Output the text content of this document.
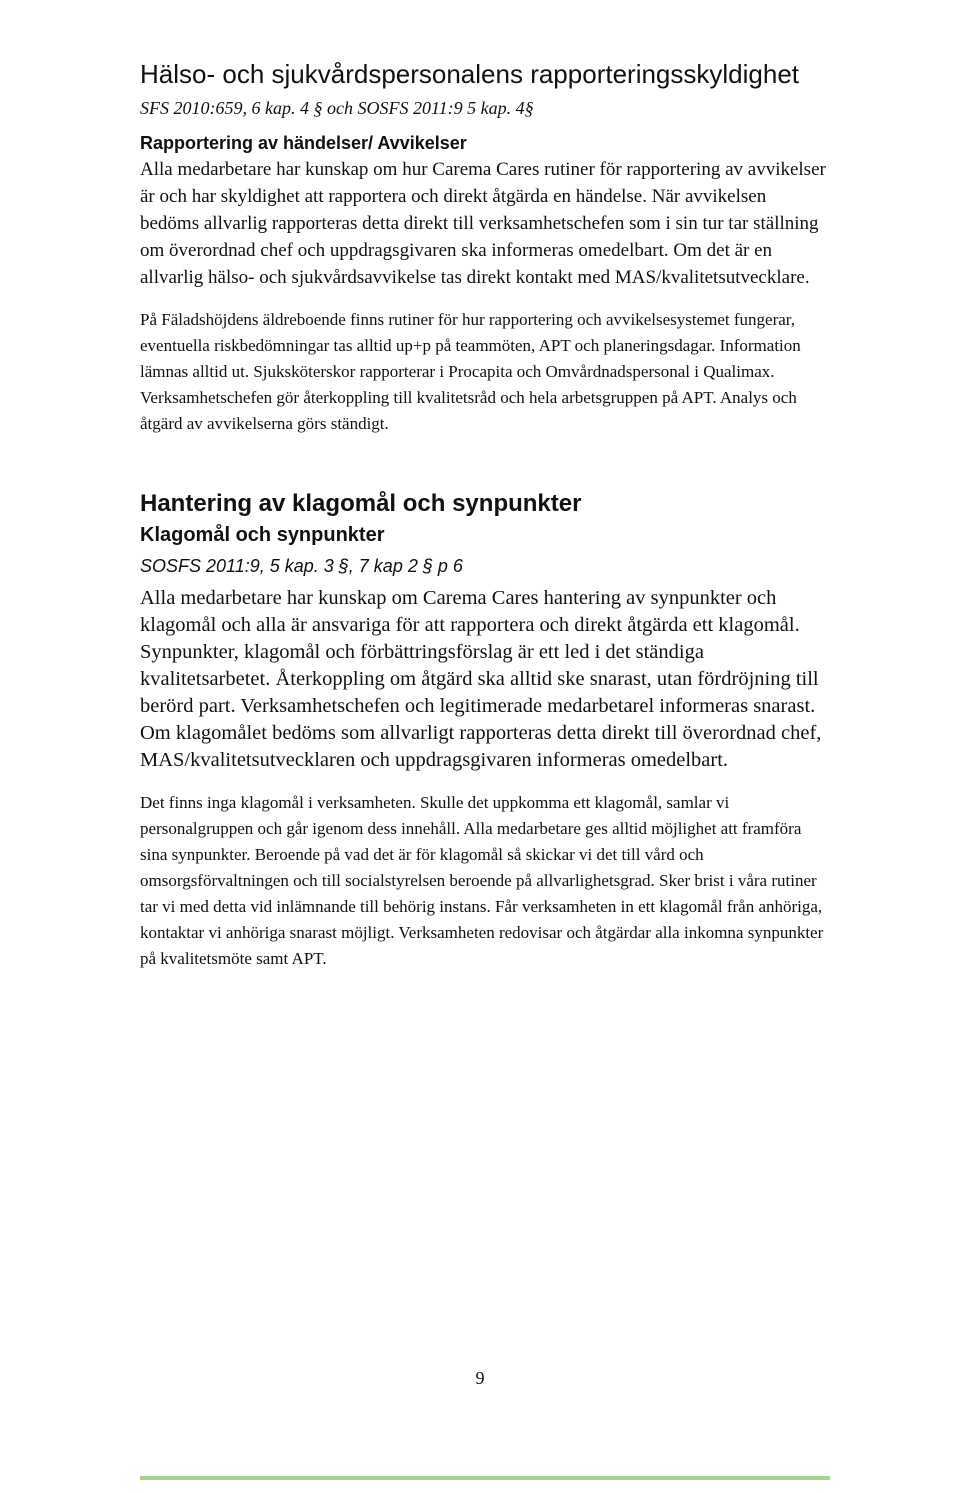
Hälso- och sjukvårdspersonalens rapporteringsskyldighet

SFS 2010:659, 6 kap. 4 § och SOSFS 2011:9 5 kap. 4§

Rapportering av händelser/ Avvikelser

Alla medarbetare har kunskap om hur Carema Cares rutiner för rapportering av avvikelser är och har skyldighet att rapportera och direkt åtgärda en händelse. När avvikelsen bedöms allvarlig rapporteras detta direkt till verksamhetschefen som i sin tur tar ställning om överordnad chef och uppdragsgivaren ska informeras omedelbart. Om det är en allvarlig hälso- och sjukvårdsavvikelse tas direkt kontakt med MAS/kvalitetsutvecklare.

På Fäladshöjdens äldreboende finns rutiner för hur rapportering och avvikelsesystemet fungerar, eventuella riskbedömningar tas alltid up+p på teammöten, APT och planeringsdagar. Information lämnas alltid ut. Sjuksköterskor rapporterar i Procapita och Omvårdnadspersonal i Qualimax. Verksamhetschefen gör återkoppling till kvalitetsråd och hela arbetsgruppen på APT. Analys och åtgärd av avvikelserna görs ständigt.

Hantering av klagomål och synpunkter
Klagomål och synpunkter

SOSFS 2011:9, 5 kap. 3 §, 7 kap 2 § p 6

Alla medarbetare har kunskap om Carema Cares hantering av synpunkter och klagomål och alla är ansvariga för att rapportera och direkt åtgärda ett klagomål. Synpunkter, klagomål och förbättringsförslag är ett led i det ständiga kvalitetsarbetet. Återkoppling om åtgärd ska alltid ske snarast, utan fördröjning till berörd part. Verksamhetschefen och legitimerade medarbetarel informeras snarast. Om klagomålet bedöms som allvarligt rapporteras detta direkt till överordnad chef, MAS/kvalitetsutvecklaren och uppdragsgivaren informeras omedelbart.

Det finns inga klagomål i verksamheten. Skulle det uppkomma ett klagomål, samlar vi personalgruppen och går igenom dess innehåll. Alla medarbetare ges alltid möjlighet att framföra sina synpunkter. Beroende på vad det är för klagomål så skickar vi det till vård och omsorgsförvaltningen och till socialstyrelsen beroende på allvarlighetsgrad. Sker brist i våra rutiner tar vi med detta vid inlämnande till behörig instans. Får verksamheten in ett klagomål från anhöriga, kontaktar vi anhöriga snarast möjligt. Verksamheten redovisar och åtgärdar alla inkomna synpunkter på kvalitetsmöte samt APT.

9
